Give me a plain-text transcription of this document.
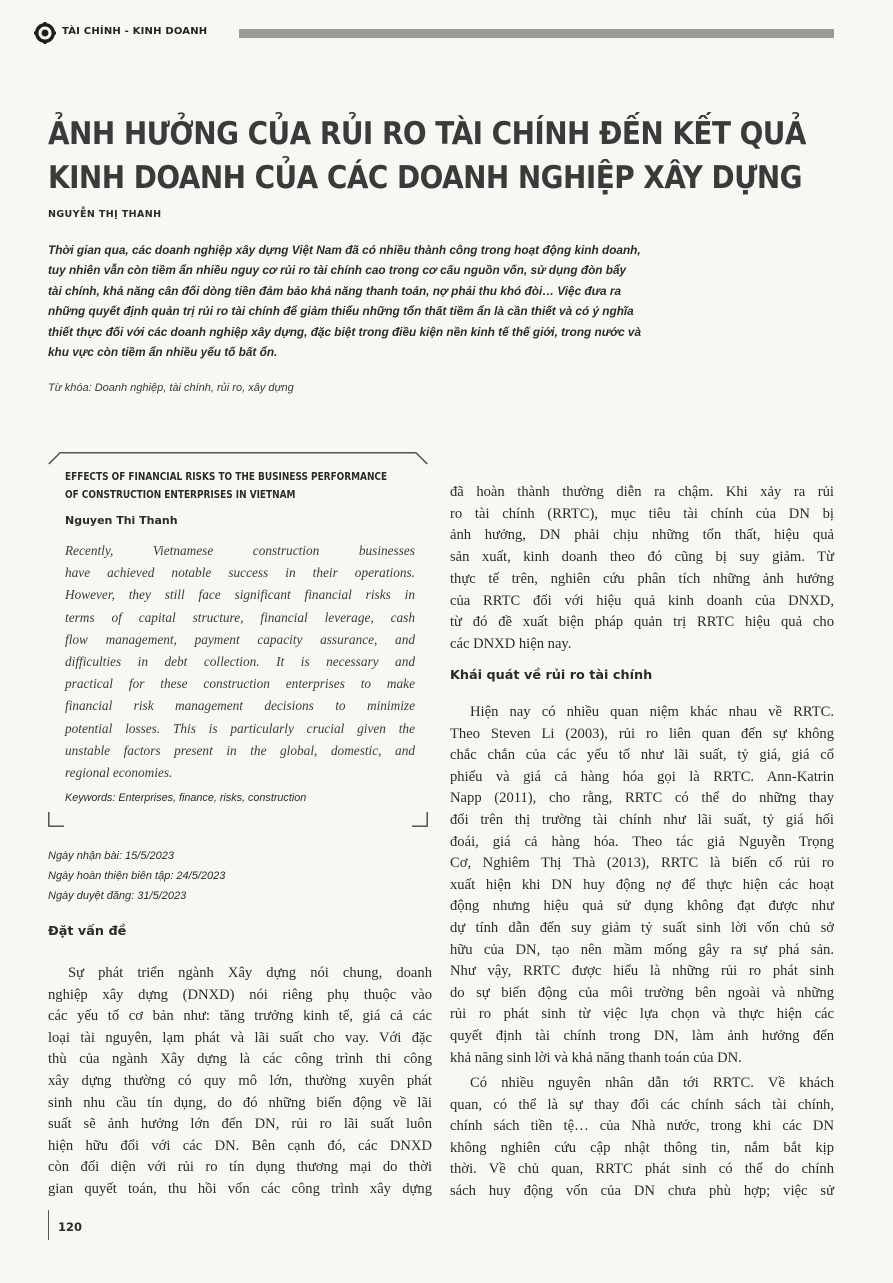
TÀI CHÍNH - KINH DOANH
ẢNH HƯỞNG CỦA RỦI RO TÀI CHÍNH ĐẾN KẾT QUẢ
KINH DOANH CỦA CÁC DOANH NGHIỆP XÂY DỰNG
NGUYỄN THỊ THANH
Thời gian qua, các doanh nghiệp xây dựng Việt Nam đã có nhiều thành công trong hoạt động kinh doanh,
tuy nhiên vẫn còn tiềm ẩn nhiều nguy cơ rủi ro tài chính cao trong cơ cấu nguồn vốn, sử dụng đòn bẩy
tài chính, khả năng cân đối dòng tiền đảm bảo khả năng thanh toán, nợ phải thu khó đòi… Việc đưa ra
những quyết định quản trị rủi ro tài chính để giảm thiểu những tổn thất tiềm ẩn là cần thiết và có ý nghĩa
thiết thực đối với các doanh nghiệp xây dựng, đặc biệt trong điều kiện nền kinh tế thế giới, trong nước và
khu vực còn tiềm ẩn nhiều yếu tố bất ổn.
Từ khóa: Doanh nghiệp, tài chính, rủi ro, xây dựng
EFFECTS OF FINANCIAL RISKS TO THE BUSINESS PERFORMANCE
OF CONSTRUCTION ENTERPRISES IN VIETNAM
Nguyen Thi Thanh
Recently, Vietnamese construction businesses
have achieved notable success in their operations.
However, they still face significant financial risks in
terms of capital structure, financial leverage, cash
flow management, payment capacity assurance, and
difficulties in debt collection. It is necessary and
practical for these construction enterprises to make
financial risk management decisions to minimize
potential losses. This is particularly crucial given the
unstable factors present in the global, domestic, and
regional economies.
Keywords: Enterprises, finance, risks, construction
Ngày nhận bài: 15/5/2023
Ngày hoàn thiện biên tập: 24/5/2023
Ngày duyệt đăng: 31/5/2023
Đặt vấn đề
Sự phát triển ngành Xây dựng nói chung, doanh
nghiệp xây dựng (DNXD) nói riêng phụ thuộc vào
các yếu tố cơ bản như: tăng trưởng kinh tế, giá cả các
loại tài nguyên, lạm phát và lãi suất cho vay. Với đặc
thù của ngành Xây dựng là các công trình thi công
xây dựng thường có quy mô lớn, thường xuyên phát
sinh nhu cầu tín dụng, do đó những biến động về lãi
suất sẽ ảnh hưởng lớn đến DN, rủi ro lãi suất luôn
hiện hữu đối với các DN. Bên cạnh đó, các DNXD
còn đối diện với rủi ro tín dụng thương mại do thời
gian quyết toán, thu hồi vốn các công trình xây dựng
đã hoàn thành thường diễn ra chậm. Khi xảy ra rủi
ro tài chính (RRTC), mục tiêu tài chính của DN bị
ảnh hưởng, DN phải chịu những tổn thất, hiệu quả
sản xuất, kinh doanh theo đó cũng bị suy giảm. Từ
thực tế trên, nghiên cứu phân tích những ảnh hưởng
của RRTC đối với hiệu quả kinh doanh của DNXD,
từ đó đề xuất biện pháp quản trị RRTC hiệu quả cho
các DNXD hiện nay.
Khái quát về rủi ro tài chính
Hiện nay có nhiều quan niệm khác nhau về RRTC.
Theo Steven Li (2003), rủi ro liên quan đến sự không
chắc chắn của các yếu tố như lãi suất, tỷ giá, giá cổ
phiếu và giá cả hàng hóa gọi là RRTC. Ann-Katrin
Napp (2011), cho rằng, RRTC có thể do những thay
đổi trên thị trường tài chính như lãi suất, tỷ giá hối
đoái, giá cả hàng hóa. Theo tác giả Nguyễn Trọng
Cơ, Nghiêm Thị Thà (2013), RRTC là biến cố rủi ro
xuất hiện khi DN huy động nợ để thực hiện các hoạt
động nhưng hiệu quả sử dụng không đạt được như
dự tính dẫn đến suy giảm tỷ suất sinh lời vốn chủ sở
hữu của DN, tạo nên mầm mống gây ra sự phá sản.
Như vậy, RRTC được hiểu là những rủi ro phát sinh
do sự biến động của môi trường bên ngoài và những
rủi ro phát sinh từ việc lựa chọn và thực hiện các
quyết định tài chính trong DN, làm ảnh hưởng đến
khả năng sinh lời và khả năng thanh toán của DN.
Có nhiều nguyên nhân dẫn tới RRTC. Về khách
quan, có thể là sự thay đổi các chính sách tài chính,
chính sách tiền tệ… của Nhà nước, trong khi các DN
không nghiên cứu cập nhật thông tin, nắm bắt kịp
thời. Về chủ quan, RRTC phát sinh có thể do chính
sách huy động vốn của DN chưa phù hợp; việc sử
120
